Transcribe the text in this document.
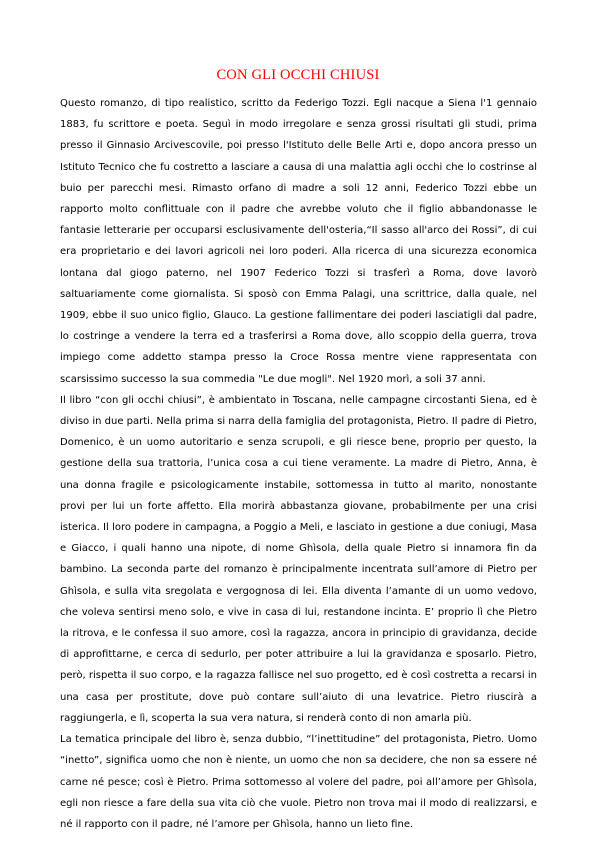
CON GLI OCCHI CHIUSI

Questo romanzo, di tipo realistico, scritto da Federigo Tozzi. Egli nacque a Siena l'1 gennaio 1883, fu scrittore e poeta. Seguì in modo irregolare e senza grossi risultati gli studi, prima presso il Ginnasio Arcivescovile, poi presso l'Istituto delle Belle Arti e, dopo ancora presso un Istituto Tecnico che fu costretto a lasciare a causa di una malattia agli occhi che lo costrinse al buio per parecchi mesi. Rimasto orfano di madre a soli 12 anni, Federico Tozzi ebbe un rapporto molto conflittuale con il padre che avrebbe voluto che il figlio abbandonasse le fantasie letterarie per occuparsi esclusivamente dell'osteria,“Il sasso all'arco dei Rossi”, di cui era proprietario e dei lavori agricoli nei loro poderi. Alla ricerca di una sicurezza economica lontana dal giogo paterno, nel 1907 Federico Tozzi si trasferì a Roma, dove lavorò saltuariamente come giornalista. Si sposò con Emma Palagi, una scrittrice, dalla quale, nel 1909, ebbe il suo unico figlio, Glauco. La gestione fallimentare dei poderi lasciatigli dal padre, lo costringe a vendere la terra ed a trasferirsi a Roma dove, allo scoppio della guerra, trova impiego come addetto stampa presso la Croce Rossa mentre viene rappresentata con scarsissimo successo la sua commedia "Le due mogli". Nel 1920 morì, a soli 37 anni.

Il libro “con gli occhi chiusi”, è ambientato in Toscana, nelle campagne circostanti Siena, ed è diviso in due parti. Nella prima si narra della famiglia del protagonista, Pietro. Il padre di Pietro, Domenico, è un uomo autoritario e senza scrupoli, e gli riesce bene, proprio per questo, la gestione della sua trattoria, l’unica cosa a cui tiene veramente. La madre di Pietro, Anna, è una donna fragile e psicologicamente instabile, sottomessa in tutto al marito, nonostante provi per lui un forte affetto. Ella morirà abbastanza giovane, probabilmente per una crisi isterica. Il loro podere in campagna, a Poggio a Meli, e lasciato in gestione a due coniugi, Masa e Giacco, i quali hanno una nipote, di nome Ghìsola, della quale Pietro si innamora fin da bambino. La seconda parte del romanzo è principalmente incentrata sull’amore di Pietro per Ghìsola, e sulla vita sregolata e vergognosa di lei. Ella diventa l’amante di un uomo vedovo, che voleva sentirsi meno solo, e vive in casa di lui, restandone incinta. E’ proprio lì che Pietro la ritrova, e le confessa il suo amore, così la ragazza, ancora in principio di gravidanza, decide di approfittarne, e cerca di sedurlo, per poter attribuire a lui la gravidanza e sposarlo. Pietro, però, rispetta il suo corpo, e la ragazza fallisce nel suo progetto, ed è così costretta a recarsi in una casa per prostitute, dove può contare sull’aiuto di una levatrice. Pietro riuscirà a raggiungerla, e lì, scoperta la sua vera natura, si renderà conto di non amarla più.

La tematica principale del libro è, senza dubbio, “l’inettitudine” del protagonista, Pietro. Uomo “inetto”, significa uomo che non è niente, un uomo che non sa decidere, che non sa essere né carne né pesce; così è Pietro. Prima sottomesso al volere del padre, poi all’amore per Ghìsola, egli non riesce a fare della sua vita ciò che vuole. Pietro non trova mai il modo di realizzarsi, e né il rapporto con il padre, né l’amore per Ghìsola, hanno un lieto fine.
